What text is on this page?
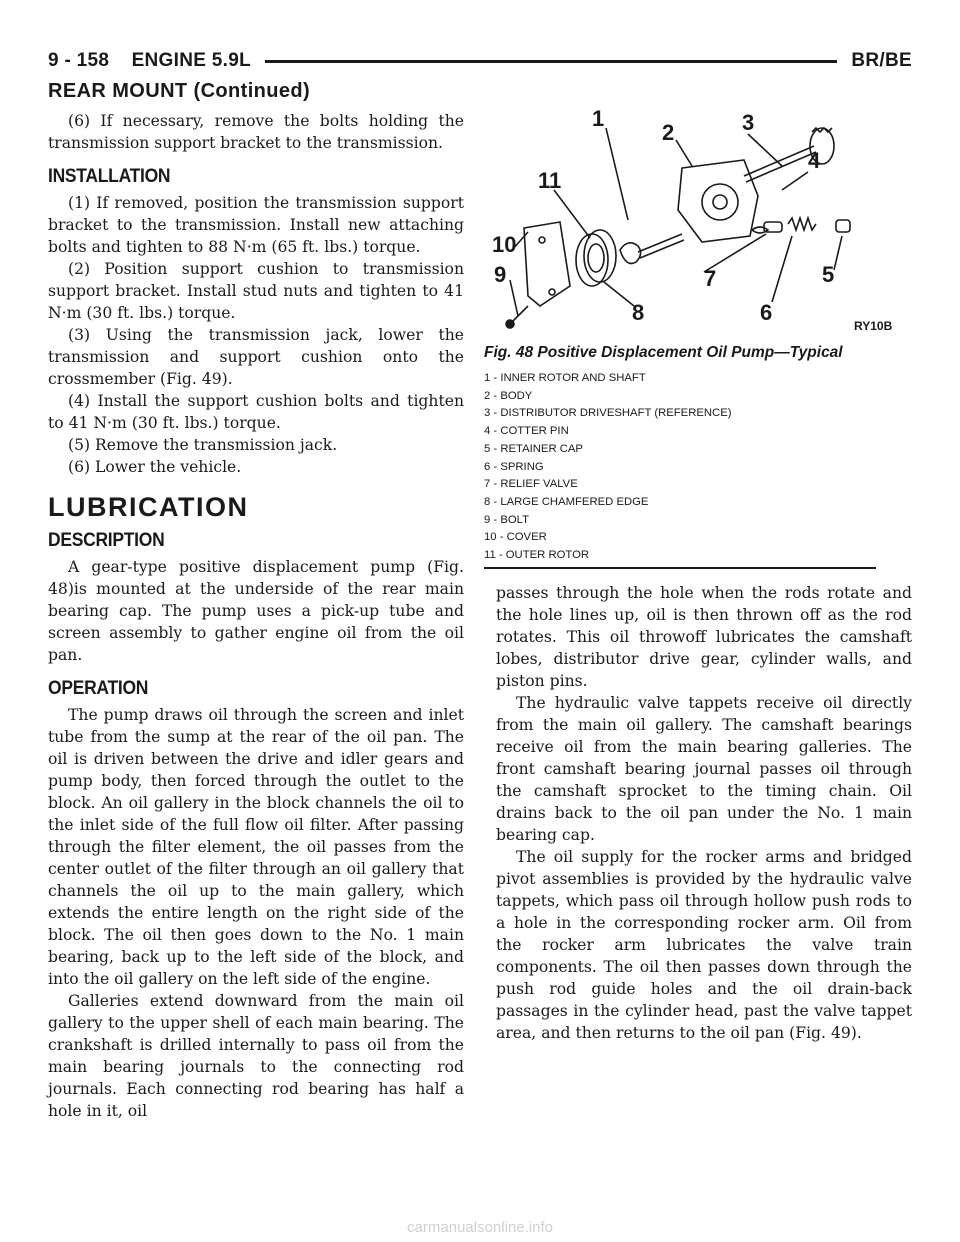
9 - 158    ENGINE 5.9L	BR/BE
REAR MOUNT (Continued)

(6) If necessary, remove the bolts holding the transmission support bracket to the transmission.

INSTALLATION

(1) If removed, position the transmission support bracket to the transmission. Install new attaching bolts and tighten to 88 N·m (65 ft. lbs.) torque.

(2) Position support cushion to transmission support bracket. Install stud nuts and tighten to 41 N·m (30 ft. lbs.) torque.

(3) Using the transmission jack, lower the transmission and support cushion onto the crossmember (Fig. 49).

(4) Install the support cushion bolts and tighten to 41 N·m (30 ft. lbs.) torque.

(5) Remove the transmission jack.

(6) Lower the vehicle.

LUBRICATION
DESCRIPTION

A gear-type positive displacement pump (Fig. 48)is mounted at the underside of the rear main bearing cap. The pump uses a pick-up tube and screen assembly to gather engine oil from the oil pan.

OPERATION

The pump draws oil through the screen and inlet tube from the sump at the rear of the oil pan. The oil is driven between the drive and idler gears and pump body, then forced through the outlet to the block. An oil gallery in the block channels the oil to the inlet side of the full flow oil filter. After passing through the filter element, the oil passes from the center outlet of the filter through an oil gallery that channels the oil up to the main gallery, which extends the entire length on the right side of the block. The oil then goes down to the No. 1 main bearing, back up to the left side of the block, and into the oil gallery on the left side of the engine.

Galleries extend downward from the main oil gallery to the upper shell of each main bearing. The crankshaft is drilled internally to pass oil from the main bearing journals to the connecting rod journals. Each connecting rod bearing has half a hole in it, oil

1
2	3
4
5
6
7
8
9
10
11
RY10B
Fig. 48 Positive Displacement Oil Pump—Typical
1 - INNER ROTOR AND SHAFT
2 - BODY
3 - DISTRIBUTOR DRIVESHAFT (REFERENCE)
4 - COTTER PIN
5 - RETAINER CAP
6 - SPRING
7 - RELIEF VALVE
8 - LARGE CHAMFERED EDGE
9 - BOLT
10 - COVER
11 - OUTER ROTOR

passes through the hole when the rods rotate and the hole lines up, oil is then thrown off as the rod rotates. This oil throwoff lubricates the camshaft lobes, distributor drive gear, cylinder walls, and piston pins.

The hydraulic valve tappets receive oil directly from the main oil gallery. The camshaft bearings receive oil from the main bearing galleries. The front camshaft bearing journal passes oil through the camshaft sprocket to the timing chain. Oil drains back to the oil pan under the No. 1 main bearing cap.

The oil supply for the rocker arms and bridged pivot assemblies is provided by the hydraulic valve tappets, which pass oil through hollow push rods to a hole in the corresponding rocker arm. Oil from the rocker arm lubricates the valve train components. The oil then passes down through the push rod guide holes and the oil drain-back passages in the cylinder head, past the valve tappet area, and then returns to the oil pan (Fig. 49).

carmanualsonline.info
